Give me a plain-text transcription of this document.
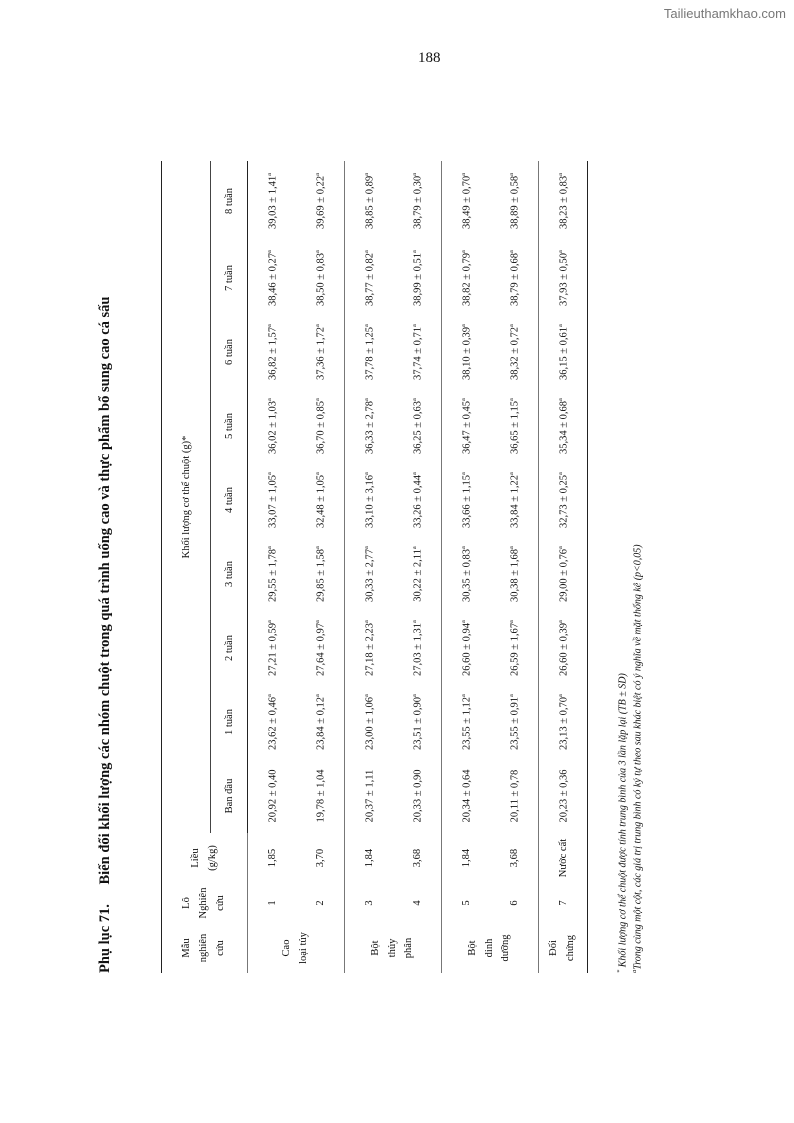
Tailieuthamkhao.com
188
Phụ lục 71. Biến đổi khối lượng các nhóm chuột trong quá trình uống cao và thực phẩm bổ sung cao cá sấu
Mẫu nghiên cứu	Lô Nghiên cứu	Liều (g/kg)	Khối lượng cơ thể chuột (g)*								
			Ban đầu	1 tuần	2 tuần	3 tuần	4 tuần	5 tuần	6 tuần	7 tuần	8 tuần

Cao loại tủy	1	1,85	20,92 ± 0,40	23,62 ± 0,46$^a$	27,21 ± 0,59$^a$	29,55 ± 1,78$^a$	33,07 ± 1,05$^a$	36,02 ± 1,03$^a$	36,82 ± 1,57$^a$	38,46 ± 0,27$^a$	39,03 ± 1,41$^a$
	2	3,70	19,78 ± 1,04	23,84 ± 0,12$^a$	27,64 ± 0,97$^a$	29,85 ± 1,58$^a$	32,48 ± 1,05$^a$	36,70 ± 0,85$^a$	37,36 ± 1,72$^a$	38,50 ± 0,83$^a$	39,69 ± 0,22$^a$

Bột thủy phân	3	1,84	20,37 ± 1,11	23,00 ± 1,06$^a$	27,18 ± 2,23$^a$	30,33 ± 2,77$^a$	33,10 ± 3,16$^a$	36,33 ± 2,78$^a$	37,78 ± 1,25$^a$	38,77 ± 0,82$^a$	38,85 ± 0,89$^a$
	4	3,68	20,33 ± 0,90	23,51 ± 0,90$^a$	27,03 ± 1,31$^a$	30,22 ± 2,11$^a$	33,26 ± 0,44$^a$	36,25 ± 0,63$^a$	37,74 ± 0,71$^a$	38,99 ± 0,51$^a$	38,79 ± 0,30$^a$

Bột dinh dưỡng	5	1,84	20,34 ± 0,64	23,55 ± 1,12$^a$	26,60 ± 0,94$^a$	30,35 ± 0,83$^a$	33,66 ± 1,15$^a$	36,47 ± 0,45$^a$	38,10 ± 0,39$^a$	38,82 ± 0,79$^a$	38,49 ± 0,70$^a$
	6	3,68	20,11 ± 0,78	23,55 ± 0,91$^a$	26,59 ± 1,67$^a$	30,38 ± 1,68$^a$	33,84 ± 1,22$^a$	36,65 ± 1,15$^a$	38,32 ± 0,72$^a$	38,79 ± 0,68$^a$	38,89 ± 0,58$^a$

Đối chứng	7	Nước cất	20,23 ± 0,36	23,13 ± 0,70$^a$	26,60 ± 0,39$^a$	29,00 ± 0,76$^a$	32,73 ± 0,25$^a$	35,34 ± 0,68$^a$	36,15 ± 0,61$^a$	37,93 ± 0,50$^a$	38,23 ± 0,83$^a$
* Khối lượng cơ thể chuột được tính trung bình của 3 lần lặp lại (TB ± SD)
$^a$Trong cùng một cột, các giá trị trung bình có ký tự theo sau khác biệt có ý nghĩa về mặt thống kê (p<0,05)
